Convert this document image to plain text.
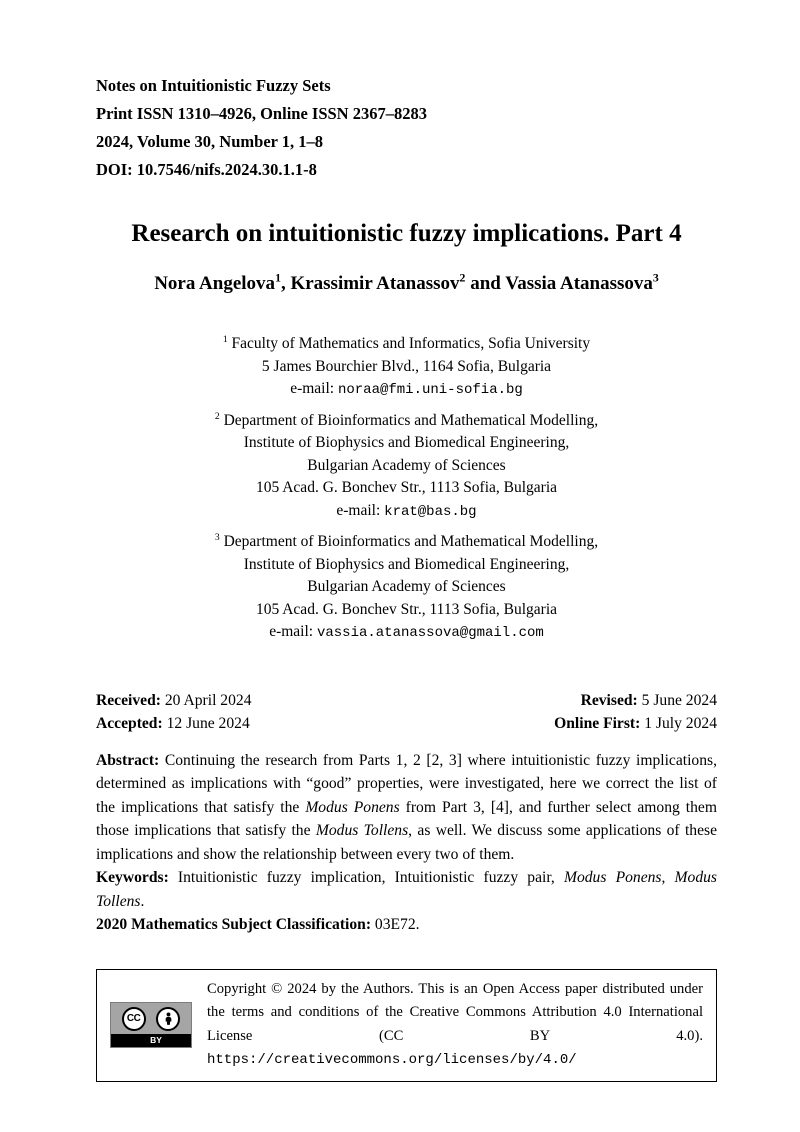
Notes on Intuitionistic Fuzzy Sets
Print ISSN 1310–4926, Online ISSN 2367–8283
2024, Volume 30, Number 1, 1–8
DOI: 10.7546/nifs.2024.30.1.1-8
Research on intuitionistic fuzzy implications. Part 4
Nora Angelova$^1$, Krassimir Atanassov$^2$ and Vassia Atanassova$^3$
$^1$ Faculty of Mathematics and Informatics, Sofia University
5 James Bourchier Blvd., 1164 Sofia, Bulgaria
e-mail: noraa@fmi.uni-sofia.bg
$^2$ Department of Bioinformatics and Mathematical Modelling,
Institute of Biophysics and Biomedical Engineering,
Bulgarian Academy of Sciences
105 Acad. G. Bonchev Str., 1113 Sofia, Bulgaria
e-mail: krat@bas.bg
$^3$ Department of Bioinformatics and Mathematical Modelling,
Institute of Biophysics and Biomedical Engineering,
Bulgarian Academy of Sciences
105 Acad. G. Bonchev Str., 1113 Sofia, Bulgaria
e-mail: vassia.atanassova@gmail.com
Received: 20 April 2024	Revised: 5 June 2024
Accepted: 12 June 2024	Online First: 1 July 2024

Abstract: Continuing the research from Parts 1, 2 [2, 3] where intuitionistic fuzzy implications, determined as implications with “good” properties, were investigated, here we correct the list of the implications that satisfy the Modus Ponens from Part 3, [4], and further select among them those implications that satisfy the Modus Tollens, as well. We discuss some applications of these implications and show the relationship between every two of them.

Keywords: Intuitionistic fuzzy implication, Intuitionistic fuzzy pair, Modus Ponens, Modus Tollens.

2020 Mathematics Subject Classification: 03E72.

CC
BY

Copyright © 2024 by the Authors. This is an Open Access paper distributed under the terms and conditions of the Creative Commons Attribution 4.0 International License (CC BY 4.0). https://creativecommons.org/licenses/by/4.0/
